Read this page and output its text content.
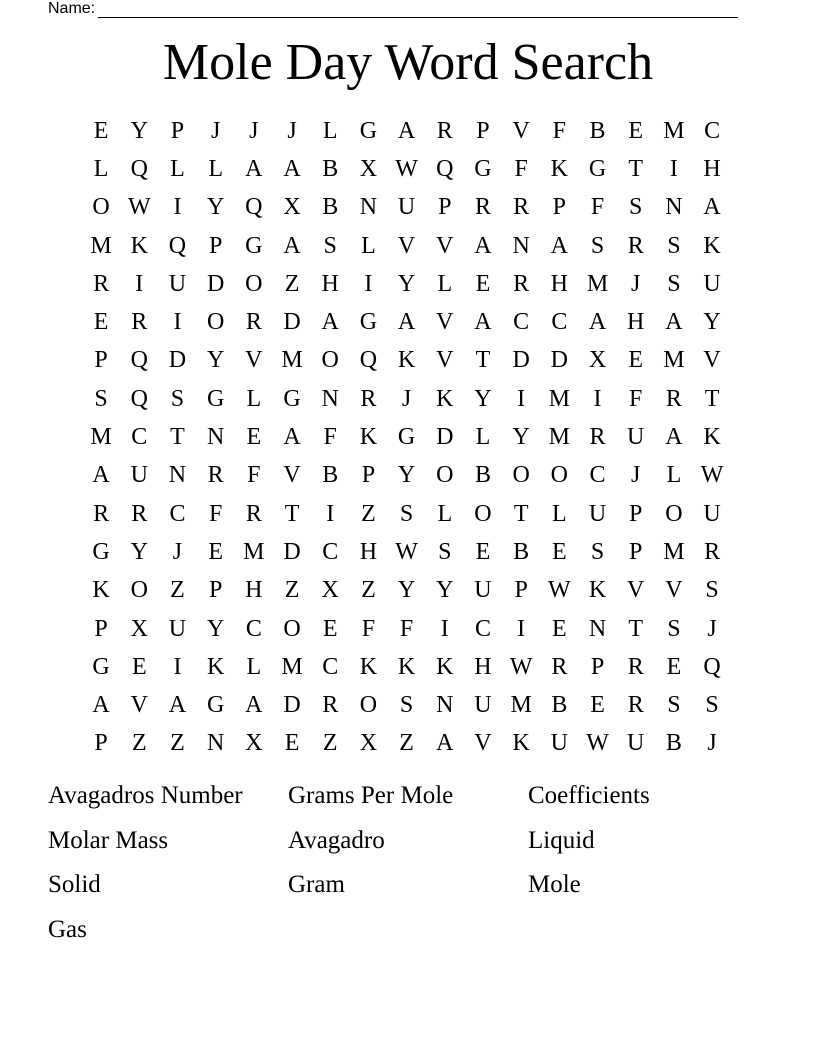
Name:
Mole Day Word Search
E Y P	J	J	J	L G A R P V F B E M C
L Q L L A A B X W Q G F K G T	I	H
O W I	Y Q X B N U P R R P	F	S N A
M K Q P G A S	L V V A N A S R S K
R	I	U D O Z H	I	Y L E R H M J	S U
E R	I	O R D A G A V A C C A H A Y
P Q D Y V M O Q K V T D D X E M V
S Q S G L G N R	J	K Y	I M I	F R T
M C T N E A F K G D L Y M R U A K
A U N R F V B P Y O B O O C	J	L W
R R C F R T	I	Z	S	L O T L U P O U
G Y	J	E M D C H W S	E B E	S	P M R
K O Z	P H Z X Z Y Y U P W K V V S
P X U Y C O E	F	F	I	C	I	E N T	S	J
G E	I	K L M C K K K H W R P R E Q
A V A G A D R O S N U M B E R S	S
P	Z Z N X E Z X Z A V K U W U B	J
Avagadros Number	Grams Per Mole	Coefficients
Molar Mass	Avagadro	Liquid
Solid	Gram	Mole
Gas
